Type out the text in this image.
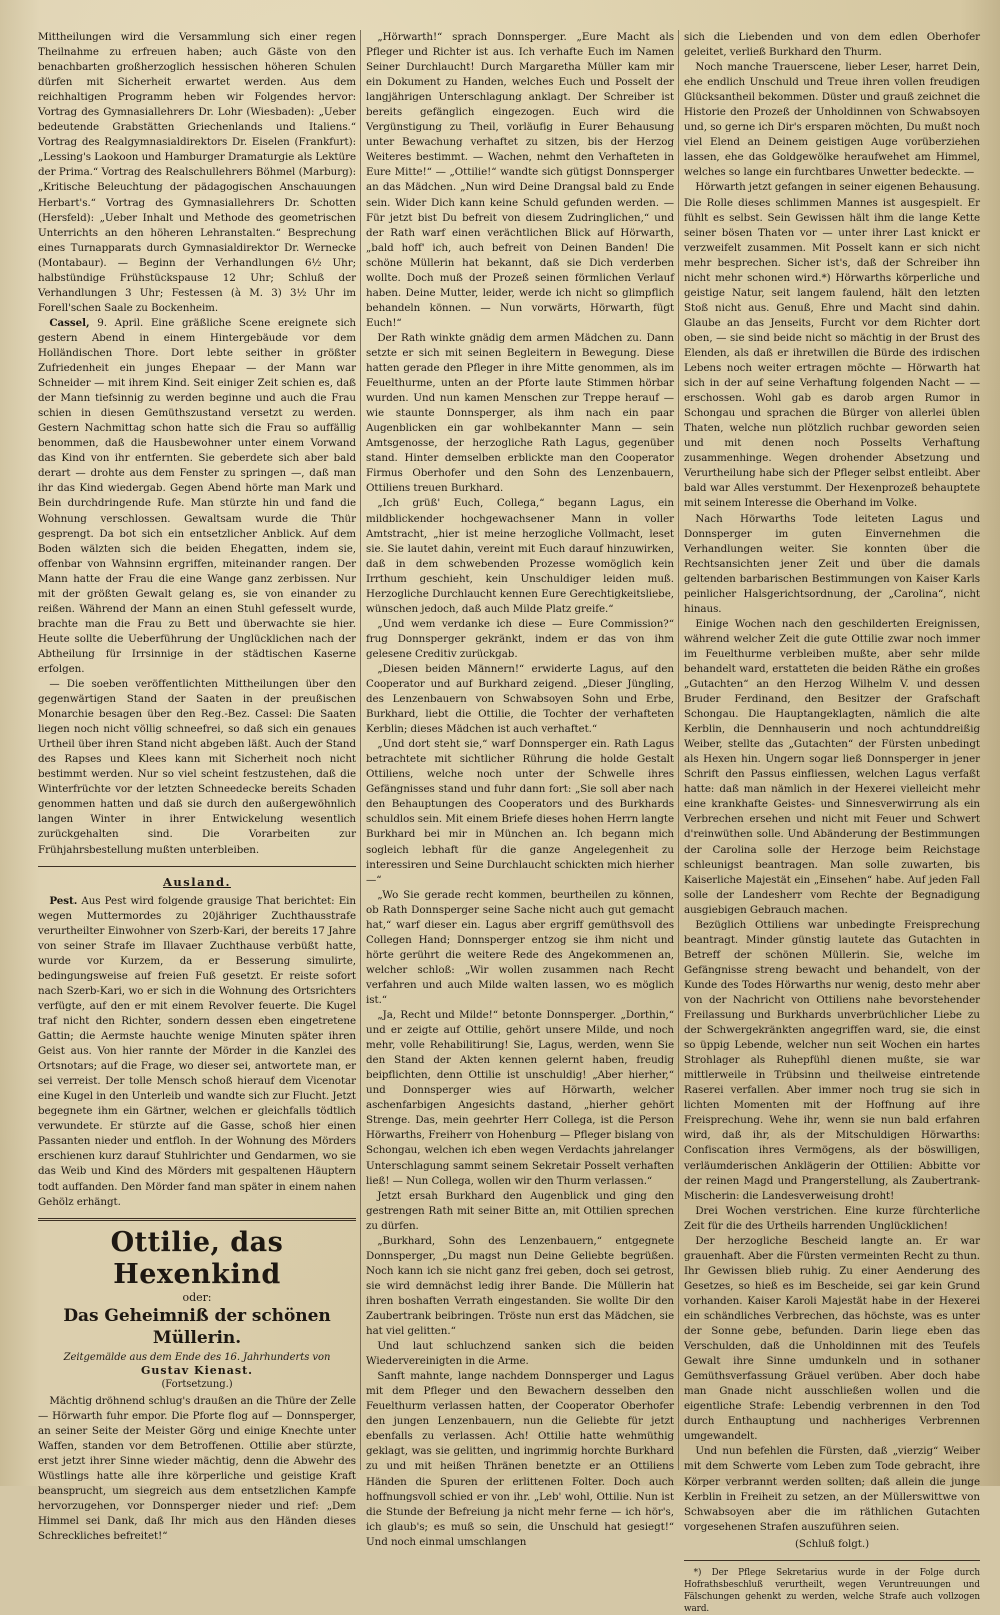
Mittheilungen wird die Versammlung sich einer regen Theilnahme zu erfreuen haben; auch Gäste von den benachbarten großherzoglich hessischen höheren Schulen dürfen mit Sicherheit erwartet werden. Aus dem reichhaltigen Programm heben wir Folgendes hervor: Vortrag des Gymnasiallehrers Dr. Lohr (Wiesbaden): „Ueber bedeutende Grabstätten Griechenlands und Italiens.“ Vortrag des Realgymnasialdirektors Dr. Eiselen (Frankfurt): „Lessing's Laokoon und Hamburger Dramaturgie als Lektüre der Prima.“ Vortrag des Realschullehrers Böhmel (Marburg): „Kritische Beleuchtung der pädagogischen Anschauungen Herbart's.“ Vortrag des Gymnasiallehrers Dr. Schotten (Hersfeld): „Ueber Inhalt und Methode des geometrischen Unterrichts an den höheren Lehranstalten.“ Besprechung eines Turnapparats durch Gymnasialdirektor Dr. Wernecke (Montabaur). — Beginn der Verhandlungen 6½ Uhr; halbstündige Frühstückspause 12 Uhr; Schluß der Verhandlungen 3 Uhr; Festessen (à M. 3) 3½ Uhr im Forell'schen Saale zu Bockenheim.

Cassel, 9. April. Eine gräßliche Scene ereignete sich gestern Abend in einem Hintergebäude vor dem Holländischen Thore. Dort lebte seither in größter Zufriedenheit ein junges Ehepaar — der Mann war Schneider — mit ihrem Kind. Seit einiger Zeit schien es, daß der Mann tiefsinnig zu werden beginne und auch die Frau schien in diesen Gemüthszustand versetzt zu werden. Gestern Nachmittag schon hatte sich die Frau so auffällig benommen, daß die Hausbewohner unter einem Vorwand das Kind von ihr entfernten. Sie geberdete sich aber bald derart — drohte aus dem Fenster zu springen —, daß man ihr das Kind wiedergab. Gegen Abend hörte man Mark und Bein durchdringende Rufe. Man stürzte hin und fand die Wohnung verschlossen. Gewaltsam wurde die Thür gesprengt. Da bot sich ein entsetzlicher Anblick. Auf dem Boden wälzten sich die beiden Ehegatten, indem sie, offenbar von Wahnsinn ergriffen, miteinander rangen. Der Mann hatte der Frau die eine Wange ganz zerbissen. Nur mit der größten Gewalt gelang es, sie von einander zu reißen. Während der Mann an einen Stuhl gefesselt wurde, brachte man die Frau zu Bett und überwachte sie hier. Heute sollte die Ueberführung der Unglücklichen nach der Abtheilung für Irrsinnige in der städtischen Kaserne erfolgen.

— Die soeben veröffentlichten Mittheilungen über den gegenwärtigen Stand der Saaten in der preußischen Monarchie besagen über den Reg.-Bez. Cassel: Die Saaten liegen noch nicht völlig schneefrei, so daß sich ein genaues Urtheil über ihren Stand nicht abgeben läßt. Auch der Stand des Rapses und Klees kann mit Sicherheit noch nicht bestimmt werden. Nur so viel scheint festzustehen, daß die Winterfrüchte vor der letzten Schneedecke bereits Schaden genommen hatten und daß sie durch den außergewöhnlich langen Winter in ihrer Entwickelung wesentlich zurückgehalten sind. Die Vorarbeiten zur Frühjahrsbestellung mußten unterbleiben.

Ausland.

Pest. Aus Pest wird folgende grausige That berichtet: Ein wegen Muttermordes zu 20jähriger Zuchthausstrafe verurtheilter Einwohner von Szerb-Kari, der bereits 17 Jahre von seiner Strafe im Illavaer Zuchthause verbüßt hatte, wurde vor Kurzem, da er Besserung simulirte, bedingungsweise auf freien Fuß gesetzt. Er reiste sofort nach Szerb-Kari, wo er sich in die Wohnung des Ortsrichters verfügte, auf den er mit einem Revolver feuerte. Die Kugel traf nicht den Richter, sondern dessen eben eingetretene Gattin; die Aermste hauchte wenige Minuten später ihren Geist aus. Von hier rannte der Mörder in die Kanzlei des Ortsnotars; auf die Frage, wo dieser sei, antwortete man, er sei verreist. Der tolle Mensch schoß hierauf dem Vicenotar eine Kugel in den Unterleib und wandte sich zur Flucht. Jetzt begegnete ihm ein Gärtner, welchen er gleichfalls tödtlich verwundete. Er stürzte auf die Gasse, schoß hier einen Passanten nieder und entfloh. In der Wohnung des Mörders erschienen kurz darauf Stuhlrichter und Gendarmen, wo sie das Weib und Kind des Mörders mit gespaltenen Häuptern todt auffanden. Den Mörder fand man später in einem nahen Gehölz erhängt.

Ottilie, das Hexenkind
oder:
Das Geheimniß der schönen Müllerin.
Zeitgemälde aus dem Ende des 16. Jahrhunderts von
Gustav Kienast.
(Fortsetzung.)

Mächtig dröhnend schlug's draußen an die Thüre der Zelle — Hörwarth fuhr empor. Die Pforte flog auf — Donnsperger, an seiner Seite der Meister Görg und einige Knechte unter Waffen, standen vor dem Betroffenen. Ottilie aber stürzte, erst jetzt ihrer Sinne wieder mächtig, denn die Abwehr des Wüstlings hatte alle ihre körperliche und geistige Kraft beansprucht, um siegreich aus dem entsetzlichen Kampfe hervorzugehen, vor Donnsperger nieder und rief: „Dem Himmel sei Dank, daß Ihr mich aus den Händen dieses Schreckliches befreitet!“

„Hörwarth!“ sprach Donnsperger. „Eure Macht als Pfleger und Richter ist aus. Ich verhafte Euch im Namen Seiner Durchlaucht! Durch Margaretha Müller kam mir ein Dokument zu Handen, welches Euch und Posselt der langjährigen Unterschlagung anklagt. Der Schreiber ist bereits gefänglich eingezogen. Euch wird die Vergünstigung zu Theil, vorläufig in Eurer Behausung unter Bewachung verhaftet zu sitzen, bis der Herzog Weiteres bestimmt. — Wachen, nehmt den Verhafteten in Eure Mitte!“ — „Ottilie!“ wandte sich gütigst Donnsperger an das Mädchen. „Nun wird Deine Drangsal bald zu Ende sein. Wider Dich kann keine Schuld gefunden werden. — Für jetzt bist Du befreit von diesem Zudringlichen,“ und der Rath warf einen verächtlichen Blick auf Hörwarth, „bald hoff' ich, auch befreit von Deinen Banden! Die schöne Müllerin hat bekannt, daß sie Dich verderben wollte. Doch muß der Prozeß seinen förmlichen Verlauf haben. Deine Mutter, leider, werde ich nicht so glimpflich behandeln können. — Nun vorwärts, Hörwarth, fügt Euch!“

Der Rath winkte gnädig dem armen Mädchen zu. Dann setzte er sich mit seinen Begleitern in Bewegung. Diese hatten gerade den Pfleger in ihre Mitte genommen, als im Feuelthurme, unten an der Pforte laute Stimmen hörbar wurden. Und nun kamen Menschen zur Treppe herauf — wie staunte Donnsperger, als ihm nach ein paar Augenblicken ein gar wohlbekannter Mann — sein Amtsgenosse, der herzogliche Rath Lagus, gegenüber stand. Hinter demselben erblickte man den Cooperator Firmus Oberhofer und den Sohn des Lenzenbauern, Ottiliens treuen Burkhard.

„Ich grüß' Euch, Collega,“ begann Lagus, ein mildblickender hochgewachsener Mann in voller Amtstracht, „hier ist meine herzogliche Vollmacht, leset sie. Sie lautet dahin, vereint mit Euch darauf hinzuwirken, daß in dem schwebenden Prozesse womöglich kein Irrthum geschieht, kein Unschuldiger leiden muß. Herzogliche Durchlaucht kennen Eure Gerechtigkeitsliebe, wünschen jedoch, daß auch Milde Platz greife.“

„Und wem verdanke ich diese — Eure Commission?“ frug Donnsperger gekränkt, indem er das von ihm gelesene Creditiv zurückgab.

„Diesen beiden Männern!“ erwiderte Lagus, auf den Cooperator und auf Burkhard zeigend. „Dieser Jüngling, des Lenzenbauern von Schwabsoyen Sohn und Erbe, Burkhard, liebt die Ottilie, die Tochter der verhafteten Kerblin; dieses Mädchen ist auch verhaftet.“

„Und dort steht sie,“ warf Donnsperger ein. Rath Lagus betrachtete mit sichtlicher Rührung die holde Gestalt Ottiliens, welche noch unter der Schwelle ihres Gefängnisses stand und fuhr dann fort: „Sie soll aber nach den Behauptungen des Cooperators und des Burkhards schuldlos sein. Mit einem Briefe dieses hohen Herrn langte Burkhard bei mir in München an. Ich begann mich sogleich lebhaft für die ganze Angelegenheit zu interessiren und Seine Durchlaucht schickten mich hierher —“

„Wo Sie gerade recht kommen, beurtheilen zu können, ob Rath Donnsperger seine Sache nicht auch gut gemacht hat,“ warf dieser ein. Lagus aber ergriff gemüthsvoll des Collegen Hand; Donnsperger entzog sie ihm nicht und hörte gerührt die weitere Rede des Angekommenen an, welcher schloß: „Wir wollen zusammen nach Recht verfahren und auch Milde walten lassen, wo es möglich ist.“

„Ja, Recht und Milde!“ betonte Donnsperger. „Dorthin,“ und er zeigte auf Ottilie, gehört unsere Milde, und noch mehr, volle Rehabilitirung! Sie, Lagus, werden, wenn Sie den Stand der Akten kennen gelernt haben, freudig beipflichten, denn Ottilie ist unschuldig! „Aber hierher,“ und Donnsperger wies auf Hörwarth, welcher aschenfarbigen Angesichts dastand, „hierher gehört Strenge. Das, mein geehrter Herr Collega, ist die Person Hörwarths, Freiherr von Hohenburg — Pfleger bislang von Schongau, welchen ich eben wegen Verdachts jahrelanger Unterschlagung sammt seinem Sekretair Posselt verhaften ließ! — Nun Collega, wollen wir den Thurm verlassen.“

Jetzt ersah Burkhard den Augenblick und ging den gestrengen Rath mit seiner Bitte an, mit Ottilien sprechen zu dürfen.

„Burkhard, Sohn des Lenzenbauern,“ entgegnete Donnsperger, „Du magst nun Deine Geliebte begrüßen. Noch kann ich sie nicht ganz frei geben, doch sei getrost, sie wird demnächst ledig ihrer Bande. Die Müllerin hat ihren boshaften Verrath eingestanden. Sie wollte Dir den Zaubertrank beibringen. Tröste nun erst das Mädchen, sie hat viel gelitten.“

Und laut schluchzend sanken sich die beiden Wiedervereinigten in die Arme.

Sanft mahnte, lange nachdem Donnsperger und Lagus mit dem Pfleger und den Bewachern desselben den Feuelthurm verlassen hatten, der Cooperator Oberhofer den jungen Lenzenbauern, nun die Geliebte für jetzt ebenfalls zu verlassen. Ach! Ottilie hatte wehmüthig geklagt, was sie gelitten, und ingrimmig horchte Burkhard zu und mit heißen Thränen benetzte er an Ottiliens Händen die Spuren der erlittenen Folter. Doch auch hoffnungsvoll schied er von ihr. „Leb' wohl, Ottilie. Nun ist die Stunde der Befreiung ja nicht mehr ferne — ich hör's, ich glaub's; es muß so sein, die Unschuld hat gesiegt!“ Und noch einmal umschlangen

sich die Liebenden und von dem edlen Oberhofer geleitet, verließ Burkhard den Thurm.

Noch manche Trauerscene, lieber Leser, harret Dein, ehe endlich Unschuld und Treue ihren vollen freudigen Glücksantheil bekommen. Düster und grauß zeichnet die Historie den Prozeß der Unholdinnen von Schwabsoyen und, so gerne ich Dir's ersparen möchten, Du mußt noch viel Elend an Deinem geistigen Auge vorüberziehen lassen, ehe das Goldgewölke heraufwehet am Himmel, welches so lange ein furchtbares Unwetter bedeckte. —

Hörwarth jetzt gefangen in seiner eigenen Behausung. Die Rolle dieses schlimmen Mannes ist ausgespielt. Er fühlt es selbst. Sein Gewissen hält ihm die lange Kette seiner bösen Thaten vor — unter ihrer Last knickt er verzweifelt zusammen. Mit Posselt kann er sich nicht mehr besprechen. Sicher ist's, daß der Schreiber ihn nicht mehr schonen wird.*) Hörwarths körperliche und geistige Natur, seit langem faulend, hält den letzten Stoß nicht aus. Genuß, Ehre und Macht sind dahin. Glaube an das Jenseits, Furcht vor dem Richter dort oben, — sie sind beide nicht so mächtig in der Brust des Elenden, als daß er ihretwillen die Bürde des irdischen Lebens noch weiter ertragen möchte — Hörwarth hat sich in der auf seine Verhaftung folgenden Nacht — — erschossen. Wohl gab es darob argen Rumor in Schongau und sprachen die Bürger von allerlei üblen Thaten, welche nun plötzlich ruchbar geworden seien und mit denen noch Posselts Verhaftung zusammenhinge. Wegen drohender Absetzung und Verurtheilung habe sich der Pfleger selbst entleibt. Aber bald war Alles verstummt. Der Hexenprozeß behauptete mit seinem Interesse die Oberhand im Volke.

Nach Hörwarths Tode leiteten Lagus und Donnsperger im guten Einvernehmen die Verhandlungen weiter. Sie konnten über die Rechtsansichten jener Zeit und über die damals geltenden barbarischen Bestimmungen von Kaiser Karls peinlicher Halsgerichtsordnung, der „Carolina“, nicht hinaus.

Einige Wochen nach den geschilderten Ereignissen, während welcher Zeit die gute Ottilie zwar noch immer im Feuelthurme verbleiben mußte, aber sehr milde behandelt ward, erstatteten die beiden Räthe ein großes „Gutachten“ an den Herzog Wilhelm V. und dessen Bruder Ferdinand, den Besitzer der Grafschaft Schongau. Die Hauptangeklagten, nämlich die alte Kerblin, die Dennhauserin und noch achtunddreißig Weiber, stellte das „Gutachten“ der Fürsten unbedingt als Hexen hin. Ungern sogar ließ Donnsperger in jener Schrift den Passus einfliessen, welchen Lagus verfaßt hatte: daß man nämlich in der Hexerei vielleicht mehr eine krankhafte Geistes- und Sinnesverwirrung als ein Verbrechen ersehen und nicht mit Feuer und Schwert d'reinwüthen solle. Und Abänderung der Bestimmungen der Carolina solle der Herzoge beim Reichstage schleunigst beantragen. Man solle zuwarten, bis Kaiserliche Majestät ein „Einsehen“ habe. Auf jeden Fall solle der Landesherr vom Rechte der Begnadigung ausgiebigen Gebrauch machen.

Bezüglich Ottiliens war unbedingte Freisprechung beantragt. Minder günstig lautete das Gutachten in Betreff der schönen Müllerin. Sie, welche im Gefängnisse streng bewacht und behandelt, von der Kunde des Todes Hörwarths nur wenig, desto mehr aber von der Nachricht von Ottiliens nahe bevorstehender Freilassung und Burkhards unverbrüchlicher Liebe zu der Schwergekränkten angegriffen ward, sie, die einst so üppig Lebende, welcher nun seit Wochen ein hartes Strohlager als Ruhepfühl dienen mußte, sie war mittlerweile in Trübsinn und theilweise eintretende Raserei verfallen. Aber immer noch trug sie sich in lichten Momenten mit der Hoffnung auf ihre Freisprechung. Wehe ihr, wenn sie nun bald erfahren wird, daß ihr, als der Mitschuldigen Hörwarths: Confiscation ihres Vermögens, als der böswilligen, verläumderischen Anklägerin der Ottilien: Abbitte vor der reinen Magd und Prangerstellung, als Zaubertrank-Mischerin: die Landesverweisung droht!

Drei Wochen verstrichen. Eine kurze fürchterliche Zeit für die des Urtheils harrenden Unglücklichen!

Der herzogliche Bescheid langte an. Er war grauenhaft. Aber die Fürsten vermeinten Recht zu thun. Ihr Gewissen blieb ruhig. Zu einer Aenderung des Gesetzes, so hieß es im Bescheide, sei gar kein Grund vorhanden. Kaiser Karoli Majestät habe in der Hexerei ein schändliches Verbrechen, das höchste, was es unter der Sonne gebe, befunden. Darin liege eben das Verschulden, daß die Unholdinnen mit des Teufels Gewalt ihre Sinne umdunkeln und in sothaner Gemüthsverfassung Gräuel verüben. Aber doch habe man Gnade nicht ausschließen wollen und die eigentliche Strafe: Lebendig verbrennen in den Tod durch Enthauptung und nachheriges Verbrennen umgewandelt.

Und nun befehlen die Fürsten, daß „vierzig“ Weiber mit dem Schwerte vom Leben zum Tode gebracht, ihre Körper verbrannt werden sollten; daß allein die junge Kerblin in Freiheit zu setzen, an der Müllerswittwe von Schwabsoyen aber die im räthlichen Gutachten vorgesehenen Strafen auszuführen seien.

(Schluß folgt.)

*) Der Pflege Sekretarius wurde in der Folge durch Hofrathsbeschluß verurtheilt, wegen Veruntreuungen und Fälschungen gehenkt zu werden, welche Strafe auch vollzogen ward.
